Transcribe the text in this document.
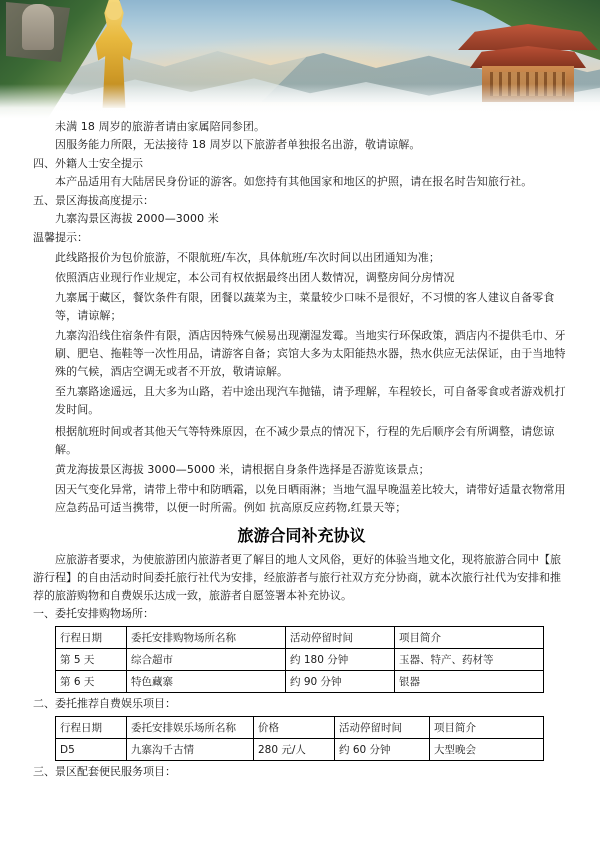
未满 18 周岁的旅游者请由家属陪同参团。

因服务能力所限，无法接待 18 周岁以下旅游者单独报名出游，敬请谅解。

四、外籍人士安全提示

本产品适用有大陆居民身份证的游客。如您持有其他国家和地区的护照，请在报名时告知旅行社。

五、景区海拔高度提示：

九寨沟景区海拔 2000—3000 米

温馨提示：

此线路报价为包价旅游，不限航班/车次，具体航班/车次时间以出团通知为准；

依照酒店业现行作业规定，本公司有权依据最终出团人数情况，调整房间分房情况

九寨属于藏区，餐饮条件有限，团餐以蔬菜为主，菜量较少口味不是很好，不习惯的客人建议自备零食等，请谅解；

九寨沟沿线住宿条件有限，酒店因特殊气候易出现潮湿发霉。当地实行环保政策，酒店内不提供毛巾、牙刷、肥皂、拖鞋等一次性用品，请游客自备；宾馆大多为太阳能热水器，热水供应无法保证，由于当地特殊的气候，酒店空调无或者不开放，敬请谅解。

至九寨路途遥远，且大多为山路，若中途出现汽车抛锚，请予理解，车程较长，可自备零食或者游戏机打发时间。

根据航班时间或者其他天气等特殊原因，在不减少景点的情况下，行程的先后顺序会有所调整，请您谅解。

黄龙海拔景区海拔 3000—5000 米，请根据自身条件选择是否游览该景点；

因天气变化异常，请带上带中和防晒霜，以免日晒雨淋；当地气温早晚温差比较大，请带好适量衣物常用应急药品可适当携带，以便一时所需。例如 抗高原反应药物,红景天等；

旅游合同补充协议

应旅游者要求，为使旅游团内旅游者更了解目的地人文风俗，更好的体验当地文化，现将旅游合同中【旅游行程】的自由活动时间委托旅行社代为安排，经旅游者与旅行社双方充分协商，就本次旅行社代为安排和推荐的旅游购物和自费娱乐达成一致，旅游者自愿签署本补充协议。

一、委托安排购物场所：

行程日期	委托安排购物场所名称	活动停留时间	项目简介
第 5 天	综合超市	约 180 分钟	玉器、特产、药材等
第 6 天	特色藏寨	约 90 分钟	银器

二、委托推荐自费娱乐项目：

行程日期	委托安排娱乐场所名称	价格	活动停留时间	项目简介
D5	九寨沟千古情	280 元/人	约 60 分钟	大型晚会

三、景区配套便民服务项目：
